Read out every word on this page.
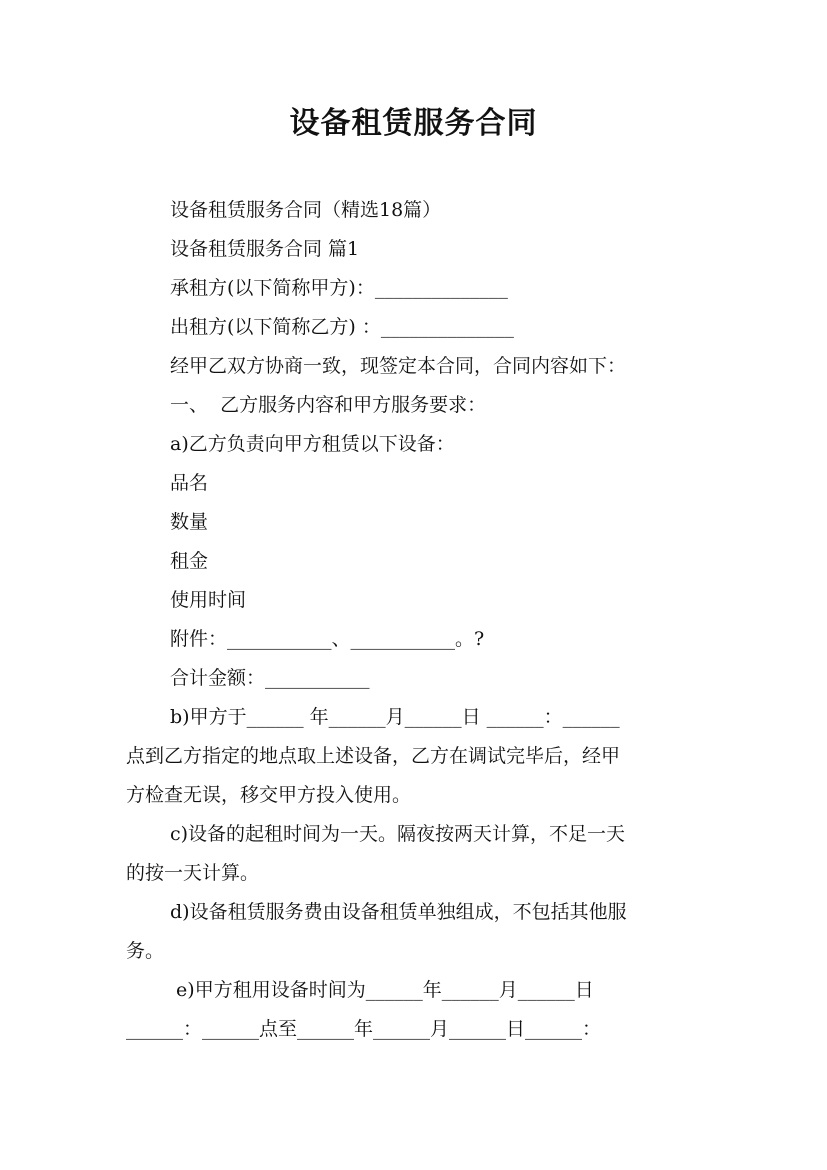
设备租赁服务合同
设备租赁服务合同（精选18篇）
设备租赁服务合同 篇1
承租方(以下简称甲方)：______________
出租方(以下简称乙方) ：______________
经甲乙双方协商一致，现签定本合同，合同内容如下：
一、  乙方服务内容和甲方服务要求：
a)乙方负责向甲方租赁以下设备：
品名
数量
租金
使用时间
附件：___________、___________。?
合计金额：___________
b)甲方于______ 年______月______日 ______：______
点到乙方指定的地点取上述设备，乙方在调试完毕后，经甲
方检查无误，移交甲方投入使用。
c)设备的起租时间为一天。隔夜按两天计算，不足一天
的按一天计算。
d)设备租赁服务费由设备租赁单独组成，不包括其他服
务。
e)甲方租用设备时间为______年______月______日
______：______点至______年______月______日______：
